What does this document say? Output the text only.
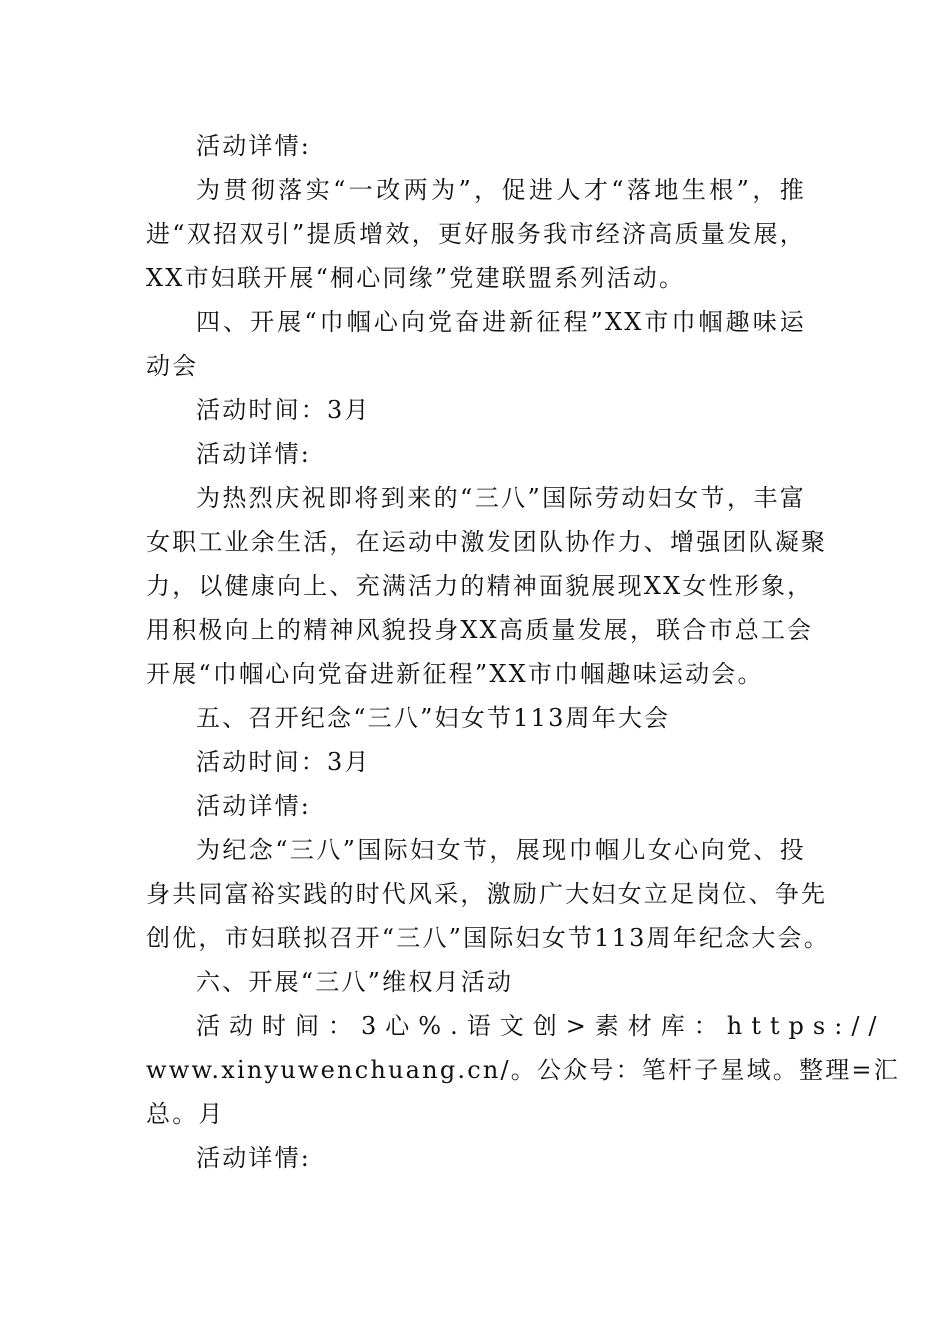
活动详情:
为贯彻落实“一改两为”，促进人才“落地生根”，推
进“双招双引”提质增效，更好服务我市经济高质量发展，
XX市妇联开展“桐心同缘”党建联盟系列活动。
四、开展“巾帼心向党奋进新征程”XX市巾帼趣味运
动会
活动时间：3月
活动详情:
为热烈庆祝即将到来的“三八”国际劳动妇女节，丰富
女职工业余生活，在运动中激发团队协作力、增强团队凝聚
力，以健康向上、充满活力的精神面貌展现XX女性形象，
用积极向上的精神风貌投身XX高质量发展，联合市总工会
开展“巾帼心向党奋进新征程”XX市巾帼趣味运动会。
五、召开纪念“三八”妇女节113周年大会
活动时间：3月
活动详情:
为纪念“三八”国际妇女节，展现巾帼儿女心向党、投
身共同富裕实践的时代风采，激励广大妇女立足岗位、争先
创优，市妇联拟召开“三八”国际妇女节113周年纪念大会。
六、开展“三八”维权月活动
活动时间：3心%.语文创>素材库：https://
www.xinyuwenchuang.cn/。公众号：笔杆子星域。整理=汇
总。月
活动详情:
